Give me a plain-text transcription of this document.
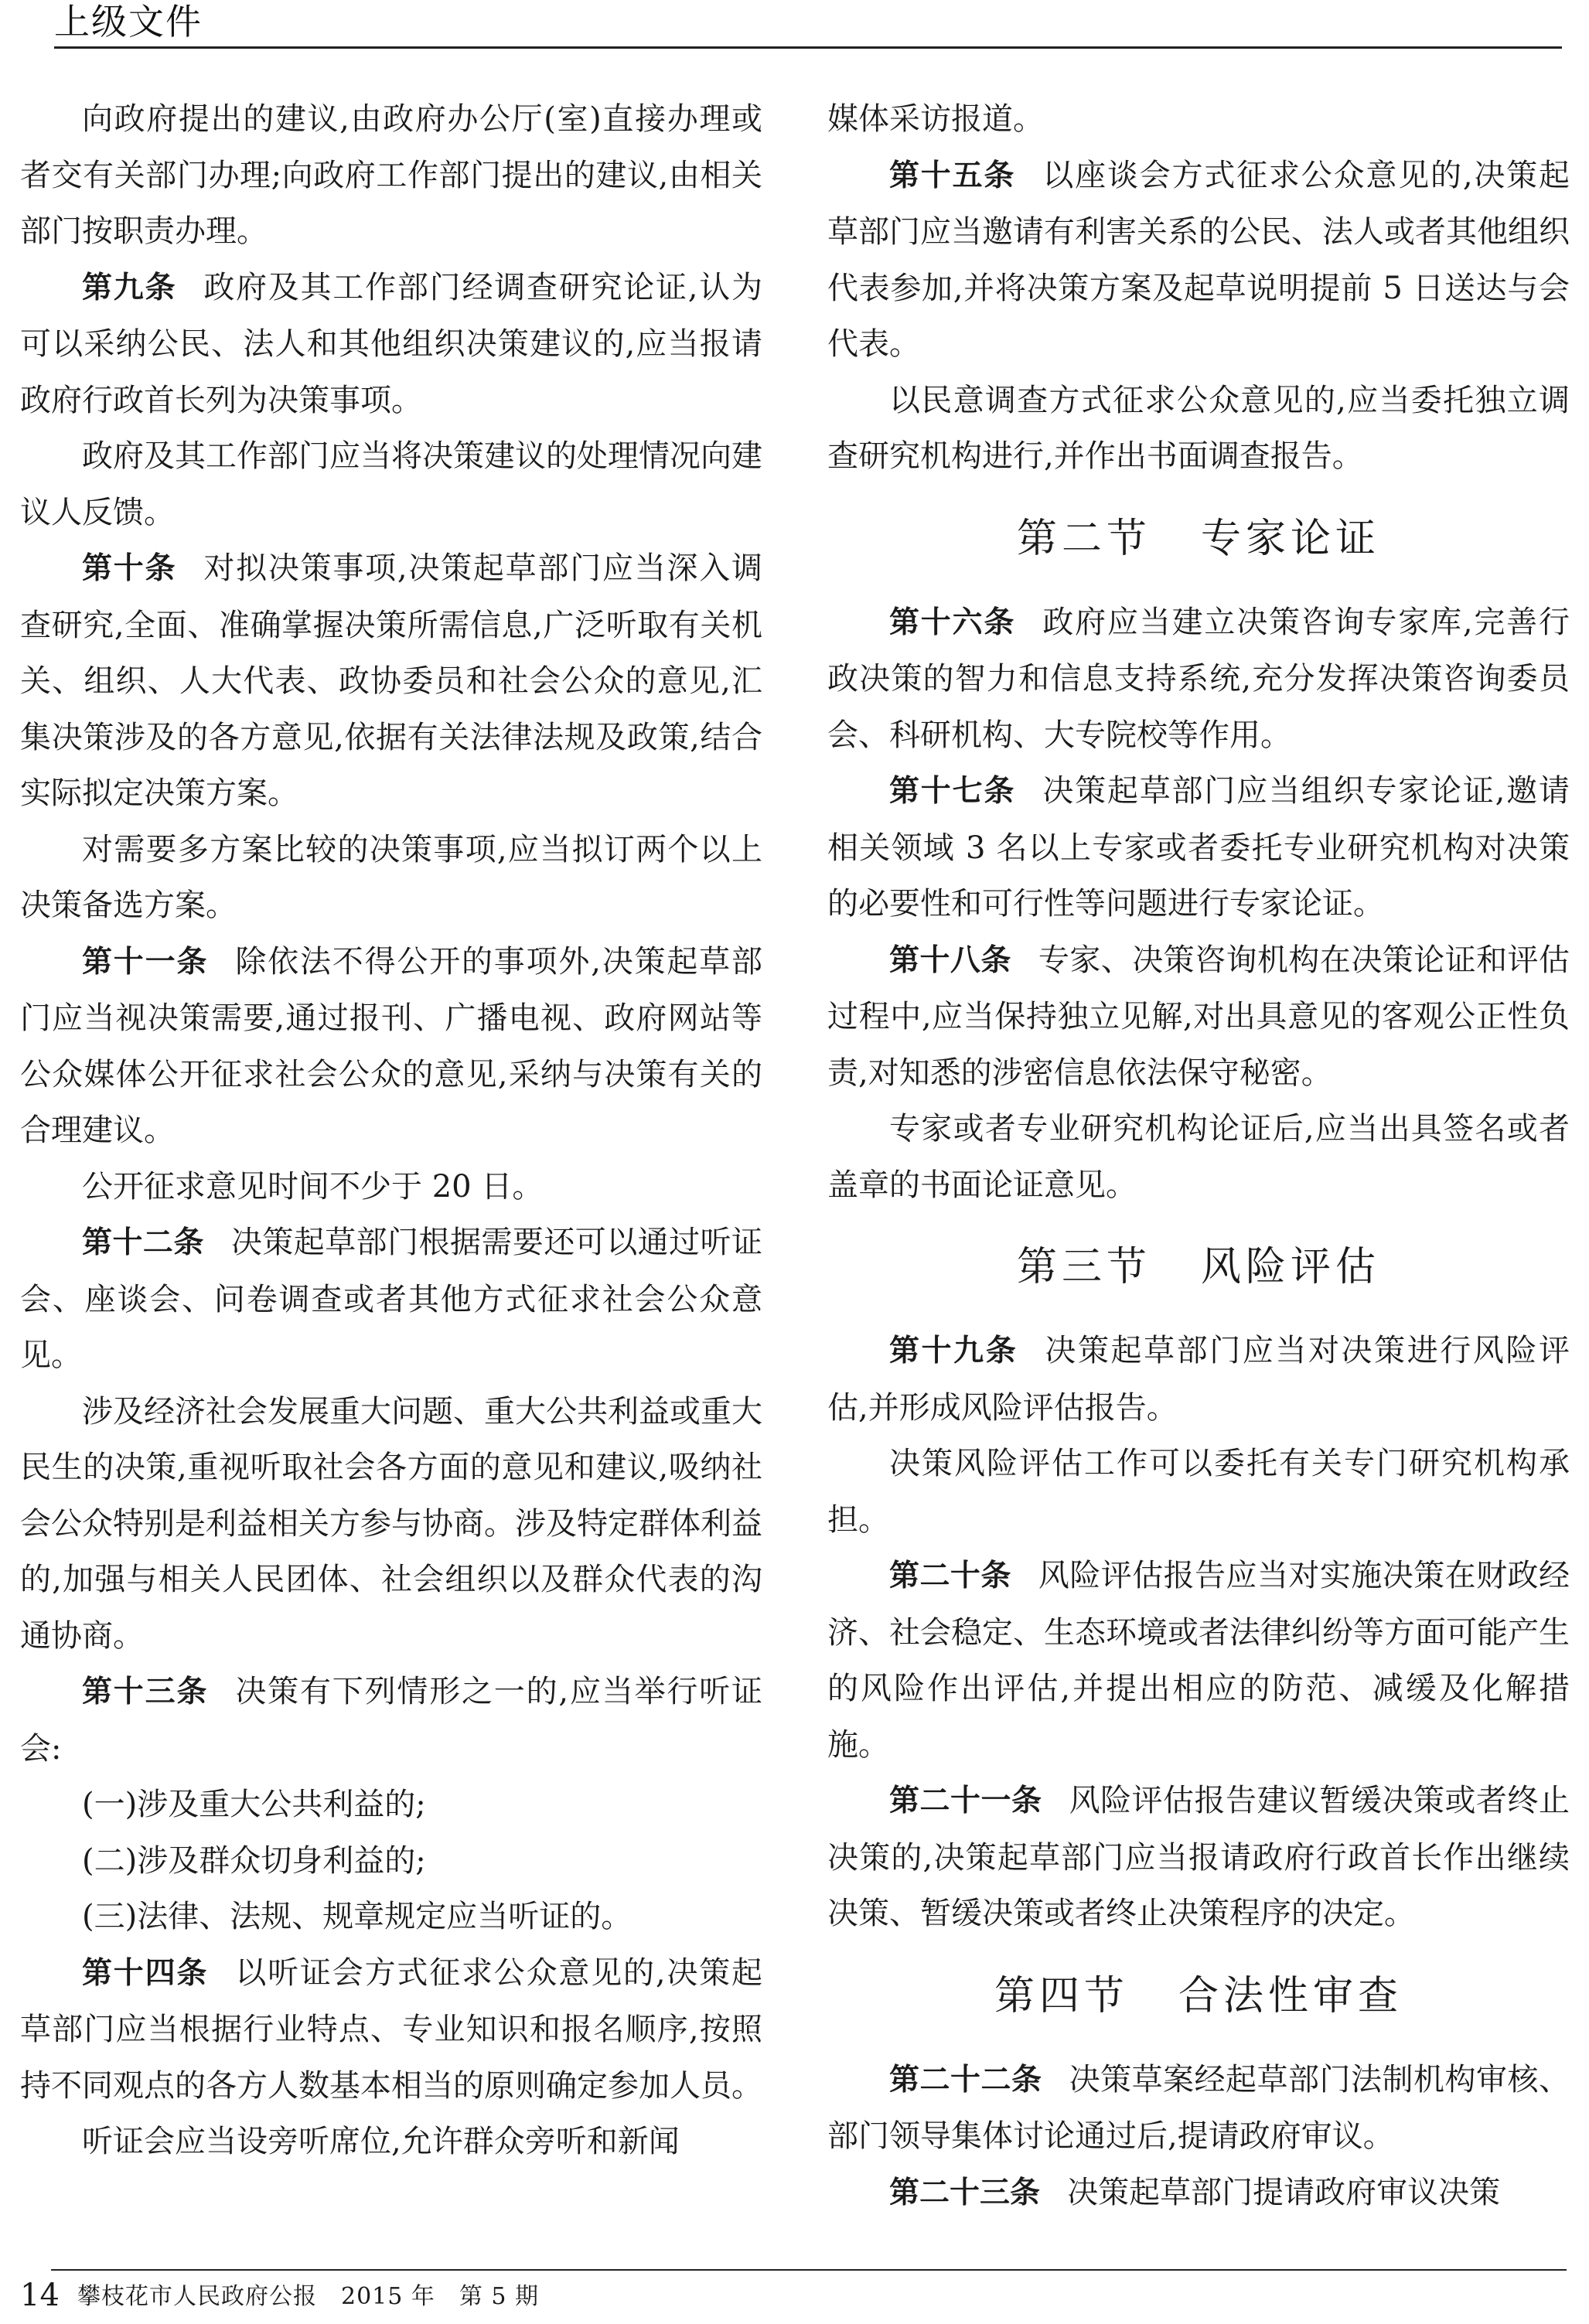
上级文件

向政府提出的建议,由政府办公厅(室)直接办理或者交有关部门办理;向政府工作部门提出的建议,由相关部门按职责办理。

第九条 政府及其工作部门经调查研究论证,认为可以采纳公民、法人和其他组织决策建议的,应当报请政府行政首长列为决策事项。

政府及其工作部门应当将决策建议的处理情况向建议人反馈。

第十条 对拟决策事项,决策起草部门应当深入调查研究,全面、准确掌握决策所需信息,广泛听取有关机关、组织、人大代表、政协委员和社会公众的意见,汇集决策涉及的各方意见,依据有关法律法规及政策,结合实际拟定决策方案。

对需要多方案比较的决策事项,应当拟订两个以上决策备选方案。

第十一条 除依法不得公开的事项外,决策起草部门应当视决策需要,通过报刊、广播电视、政府网站等公众媒体公开征求社会公众的意见,采纳与决策有关的合理建议。

公开征求意见时间不少于 20 日。

第十二条 决策起草部门根据需要还可以通过听证会、座谈会、问卷调查或者其他方式征求社会公众意见。

涉及经济社会发展重大问题、重大公共利益或重大民生的决策,重视听取社会各方面的意见和建议,吸纳社会公众特别是利益相关方参与协商。涉及特定群体利益的,加强与相关人民团体、社会组织以及群众代表的沟通协商。

第十三条 决策有下列情形之一的,应当举行听证会:

(一)涉及重大公共利益的;

(二)涉及群众切身利益的;

(三)法律、法规、规章规定应当听证的。

第十四条 以听证会方式征求公众意见的,决策起草部门应当根据行业特点、专业知识和报名顺序,按照持不同观点的各方人数基本相当的原则确定参加人员。

听证会应当设旁听席位,允许群众旁听和新闻

媒体采访报道。

第十五条 以座谈会方式征求公众意见的,决策起草部门应当邀请有利害关系的公民、法人或者其他组织代表参加,并将决策方案及起草说明提前 5 日送达与会代表。

以民意调查方式征求公众意见的,应当委托独立调查研究机构进行,并作出书面调查报告。

第二节 专家论证

第十六条 政府应当建立决策咨询专家库,完善行政决策的智力和信息支持系统,充分发挥决策咨询委员会、科研机构、大专院校等作用。

第十七条 决策起草部门应当组织专家论证,邀请相关领域 3 名以上专家或者委托专业研究机构对决策的必要性和可行性等问题进行专家论证。

第十八条 专家、决策咨询机构在决策论证和评估过程中,应当保持独立见解,对出具意见的客观公正性负责,对知悉的涉密信息依法保守秘密。

专家或者专业研究机构论证后,应当出具签名或者盖章的书面论证意见。

第三节 风险评估

第十九条 决策起草部门应当对决策进行风险评估,并形成风险评估报告。

决策风险评估工作可以委托有关专门研究机构承担。

第二十条 风险评估报告应当对实施决策在财政经济、社会稳定、生态环境或者法律纠纷等方面可能产生的风险作出评估,并提出相应的防范、减缓及化解措施。

第二十一条 风险评估报告建议暂缓决策或者终止决策的,决策起草部门应当报请政府行政首长作出继续决策、暂缓决策或者终止决策程序的决定。

第四节 合法性审查

第二十二条 决策草案经起草部门法制机构审核、部门领导集体讨论通过后,提请政府审议。

第二十三条 决策起草部门提请政府审议决策

14 攀枝花市人民政府公报　2015 年　第 5 期
